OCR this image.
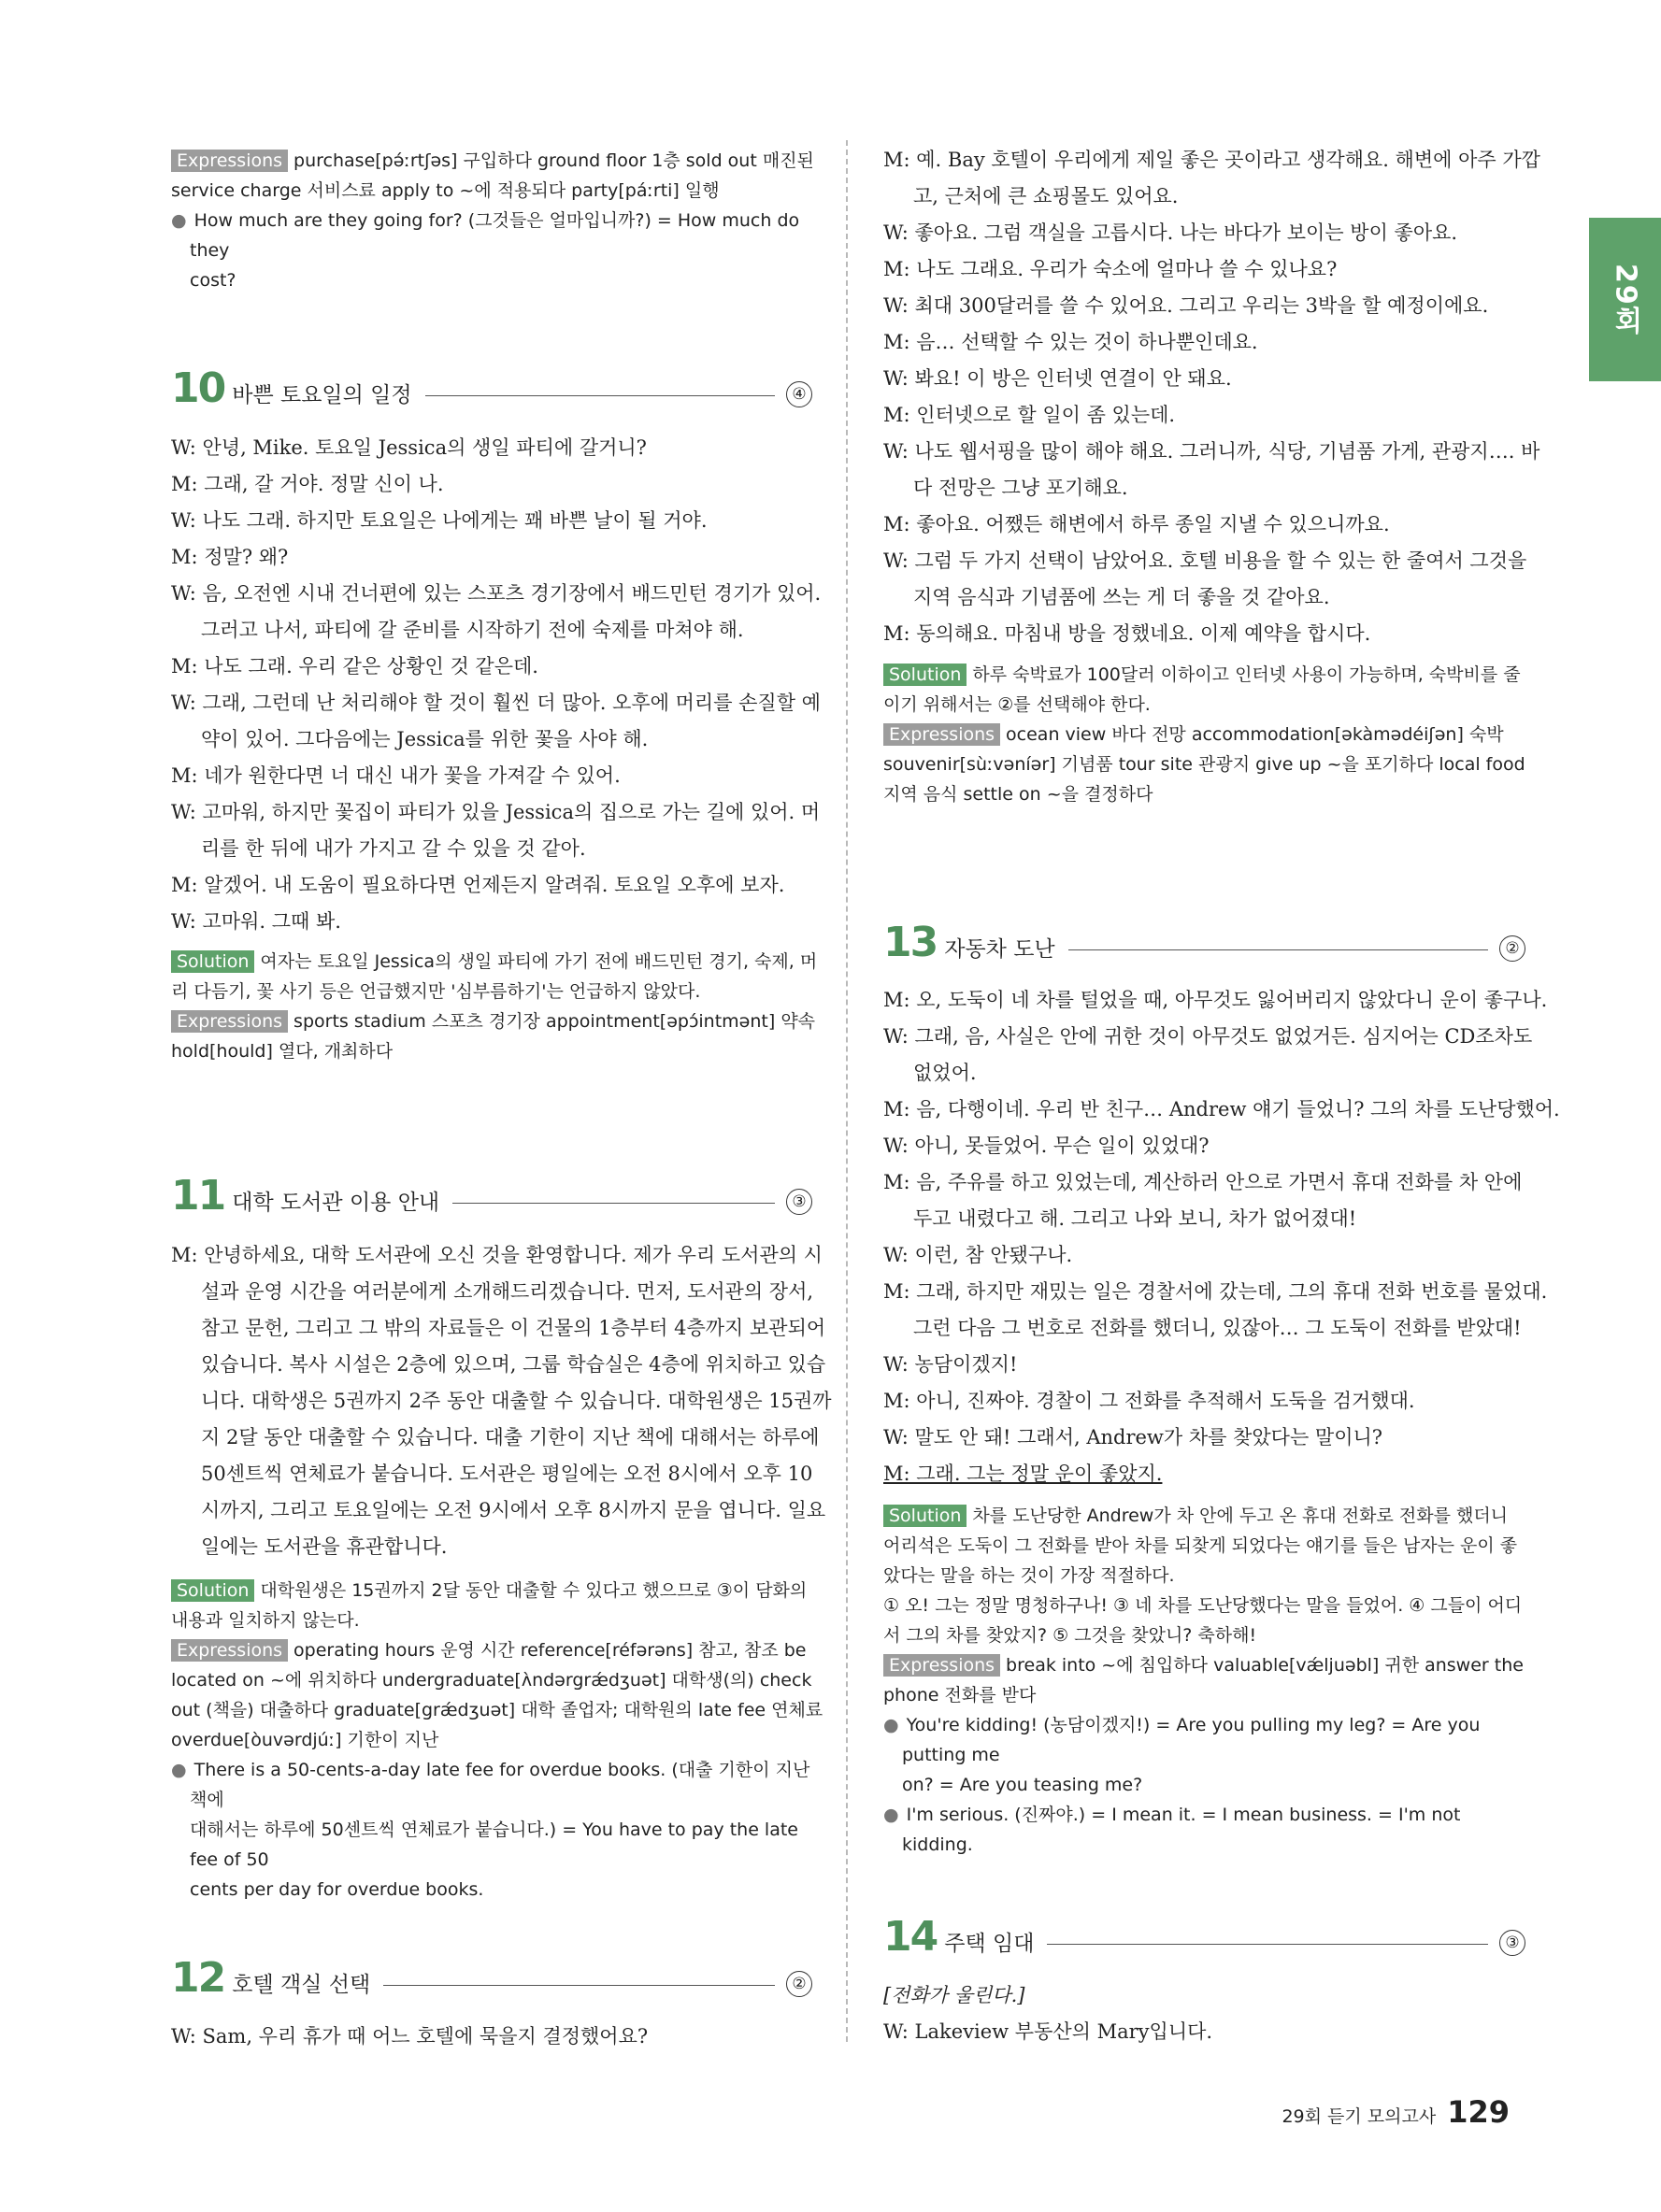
29회
Expressions purchase[pə́ːrtʃəs] 구입하다 ground floor 1층 sold out 매진된
service charge 서비스료 apply to ~에 적용되다 party[páːrti] 일행
● How much are they going for? (그것들은 얼마입니까?) = How much do they
cost?
10 바쁜 토요일의 일정	④
W: 안녕, Mike. 토요일 Jessica의 생일 파티에 갈거니?
M: 그래, 갈 거야. 정말 신이 나.
W: 나도 그래. 하지만 토요일은 나에게는 꽤 바쁜 날이 될 거야.
M: 정말? 왜?
W: 음, 오전엔 시내 건너편에 있는 스포츠 경기장에서 배드민턴 경기가 있어.
그러고 나서, 파티에 갈 준비를 시작하기 전에 숙제를 마쳐야 해.
M: 나도 그래. 우리 같은 상황인 것 같은데.
W: 그래, 그런데 난 처리해야 할 것이 훨씬 더 많아. 오후에 머리를 손질할 예
약이 있어. 그다음에는 Jessica를 위한 꽃을 사야 해.
M: 네가 원한다면 너 대신 내가 꽃을 가져갈 수 있어.
W: 고마워, 하지만 꽃집이 파티가 있을 Jessica의 집으로 가는 길에 있어. 머
리를 한 뒤에 내가 가지고 갈 수 있을 것 같아.
M: 알겠어. 내 도움이 필요하다면 언제든지 알려줘. 토요일 오후에 보자.
W: 고마워. 그때 봐.
Solution 여자는 토요일 Jessica의 생일 파티에 가기 전에 배드민턴 경기, 숙제, 머
리 다듬기, 꽃 사기 등은 언급했지만 '심부름하기'는 언급하지 않았다.
Expressions sports stadium 스포츠 경기장 appointment[əpɔ́intmənt] 약속
hold[hould] 열다, 개최하다
11 대학 도서관 이용 안내	③
M: 안녕하세요, 대학 도서관에 오신 것을 환영합니다. 제가 우리 도서관의 시
설과 운영 시간을 여러분에게 소개해드리겠습니다. 먼저, 도서관의 장서,
참고 문헌, 그리고 그 밖의 자료들은 이 건물의 1층부터 4층까지 보관되어
있습니다. 복사 시설은 2층에 있으며, 그룹 학습실은 4층에 위치하고 있습
니다. 대학생은 5권까지 2주 동안 대출할 수 있습니다. 대학원생은 15권까
지 2달 동안 대출할 수 있습니다. 대출 기한이 지난 책에 대해서는 하루에
50센트씩 연체료가 붙습니다. 도서관은 평일에는 오전 8시에서 오후 10
시까지, 그리고 토요일에는 오전 9시에서 오후 8시까지 문을 엽니다. 일요
일에는 도서관을 휴관합니다.
Solution 대학원생은 15권까지 2달 동안 대출할 수 있다고 했으므로 ③이 담화의
내용과 일치하지 않는다.
Expressions operating hours 운영 시간 reference[réfərəns] 참고, 참조 be
located on ~에 위치하다 undergraduate[ʌ̀ndərgrǽdʒuət] 대학생(의) check
out (책을) 대출하다 graduate[grǽdʒuət] 대학 졸업자; 대학원의 late fee 연체료
overdue[òuvərdjúː] 기한이 지난
● There is a 50-cents-a-day late fee for overdue books. (대출 기한이 지난 책에
대해서는 하루에 50센트씩 연체료가 붙습니다.) = You have to pay the late fee of 50
cents per day for overdue books.
12 호텔 객실 선택	②
W: Sam, 우리 휴가 때 어느 호텔에 묵을지 결정했어요?
M: 예. Bay 호텔이 우리에게 제일 좋은 곳이라고 생각해요. 해변에 아주 가깝
고, 근처에 큰 쇼핑몰도 있어요.
W: 좋아요. 그럼 객실을 고릅시다. 나는 바다가 보이는 방이 좋아요.
M: 나도 그래요. 우리가 숙소에 얼마나 쓸 수 있나요?
W: 최대 300달러를 쓸 수 있어요. 그리고 우리는 3박을 할 예정이에요.
M: 음… 선택할 수 있는 것이 하나뿐인데요.
W: 봐요! 이 방은 인터넷 연결이 안 돼요.
M: 인터넷으로 할 일이 좀 있는데.
W: 나도 웹서핑을 많이 해야 해요. 그러니까, 식당, 기념품 가게, 관광지…. 바
다 전망은 그냥 포기해요.
M: 좋아요. 어쨌든 해변에서 하루 종일 지낼 수 있으니까요.
W: 그럼 두 가지 선택이 남았어요. 호텔 비용을 할 수 있는 한 줄여서 그것을
지역 음식과 기념품에 쓰는 게 더 좋을 것 같아요.
M: 동의해요. 마침내 방을 정했네요. 이제 예약을 합시다.
Solution 하루 숙박료가 100달러 이하이고 인터넷 사용이 가능하며, 숙박비를 줄
이기 위해서는 ②를 선택해야 한다.
Expressions ocean view 바다 전망 accommodation[əkàmədéiʃən] 숙박
souvenir[sùːvəníər] 기념품 tour site 관광지 give up ~을 포기하다 local food
지역 음식 settle on ~을 결정하다
13 자동차 도난	②
M: 오, 도둑이 네 차를 털었을 때, 아무것도 잃어버리지 않았다니 운이 좋구나.
W: 그래, 음, 사실은 안에 귀한 것이 아무것도 없었거든. 심지어는 CD조차도
없었어.
M: 음, 다행이네. 우리 반 친구… Andrew 얘기 들었니? 그의 차를 도난당했어.
W: 아니, 못들었어. 무슨 일이 있었대?
M: 음, 주유를 하고 있었는데, 계산하러 안으로 가면서 휴대 전화를 차 안에
두고 내렸다고 해. 그리고 나와 보니, 차가 없어졌대!
W: 이런, 참 안됐구나.
M: 그래, 하지만 재밌는 일은 경찰서에 갔는데, 그의 휴대 전화 번호를 물었대.
그런 다음 그 번호로 전화를 했더니, 있잖아… 그 도둑이 전화를 받았대!
W: 농담이겠지!
M: 아니, 진짜야. 경찰이 그 전화를 추적해서 도둑을 검거했대.
W: 말도 안 돼! 그래서, Andrew가 차를 찾았다는 말이니?
M: 그래. 그는 정말 운이 좋았지.
Solution 차를 도난당한 Andrew가 차 안에 두고 온 휴대 전화로 전화를 했더니
어리석은 도둑이 그 전화를 받아 차를 되찾게 되었다는 얘기를 들은 남자는 운이 좋
았다는 말을 하는 것이 가장 적절하다.
① 오! 그는 정말 명청하구나! ③ 네 차를 도난당했다는 말을 들었어. ④ 그들이 어디
서 그의 차를 찾았지? ⑤ 그것을 찾았니? 축하해!
Expressions break into ~에 침입하다 valuable[vǽljuəbl] 귀한 answer the
phone 전화를 받다
● You're kidding! (농담이겠지!) = Are you pulling my leg? = Are you putting me
on? = Are you teasing me?
● I'm serious. (진짜야.) = I mean it. = I mean business. = I'm not kidding.
14 주택 임대	③
[전화가 울린다.]
W: Lakeview 부동산의 Mary입니다.
29회 듣기 모의고사 129
